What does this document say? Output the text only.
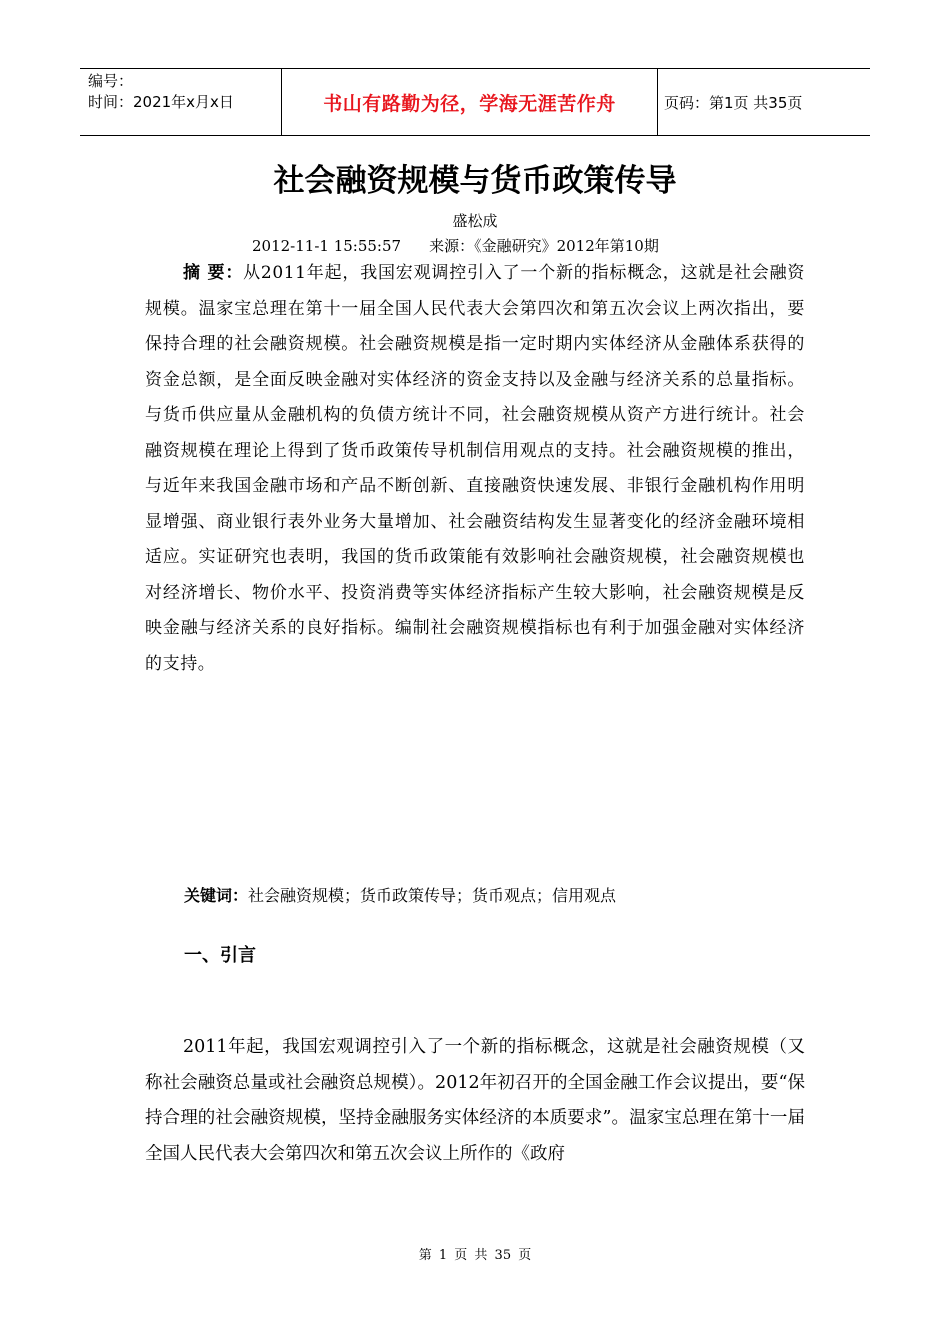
编号：
时间：2021年x月x日	书山有路勤为径，学海无涯苦作舟	页码：第1页 共35页
社会融资规模与货币政策传导
盛松成
2012-11-1 15:55:57 来源：《金融研究》2012年第10期
摘 要：从2011年起，我国宏观调控引入了一个新的指标概念，这就是社会融资规模。温家宝总理在第十一届全国人民代表大会第四次和第五次会议上两次指出，要保持合理的社会融资规模。社会融资规模是指一定时期内实体经济从金融体系获得的资金总额，是全面反映金融对实体经济的资金支持以及金融与经济关系的总量指标。与货币供应量从金融机构的负债方统计不同，社会融资规模从资产方进行统计。社会融资规模在理论上得到了货币政策传导机制信用观点的支持。社会融资规模的推出，与近年来我国金融市场和产品不断创新、直接融资快速发展、非银行金融机构作用明显增强、商业银行表外业务大量增加、社会融资结构发生显著变化的经济金融环境相适应。实证研究也表明，我国的货币政策能有效影响社会融资规模，社会融资规模也对经济增长、物价水平、投资消费等实体经济指标产生较大影响，社会融资规模是反映金融与经济关系的良好指标。编制社会融资规模指标也有利于加强金融对实体经济的支持。
关键词：社会融资规模；货币政策传导；货币观点；信用观点
一、引言
2011年起，我国宏观调控引入了一个新的指标概念，这就是社会融资规模（又称社会融资总量或社会融资总规模）。2012年初召开的全国金融工作会议提出，要“保持合理的社会融资规模，坚持金融服务实体经济的本质要求”。温家宝总理在第十一届全国人民代表大会第四次和第五次会议上所作的《政府
第 1 页 共 35 页
